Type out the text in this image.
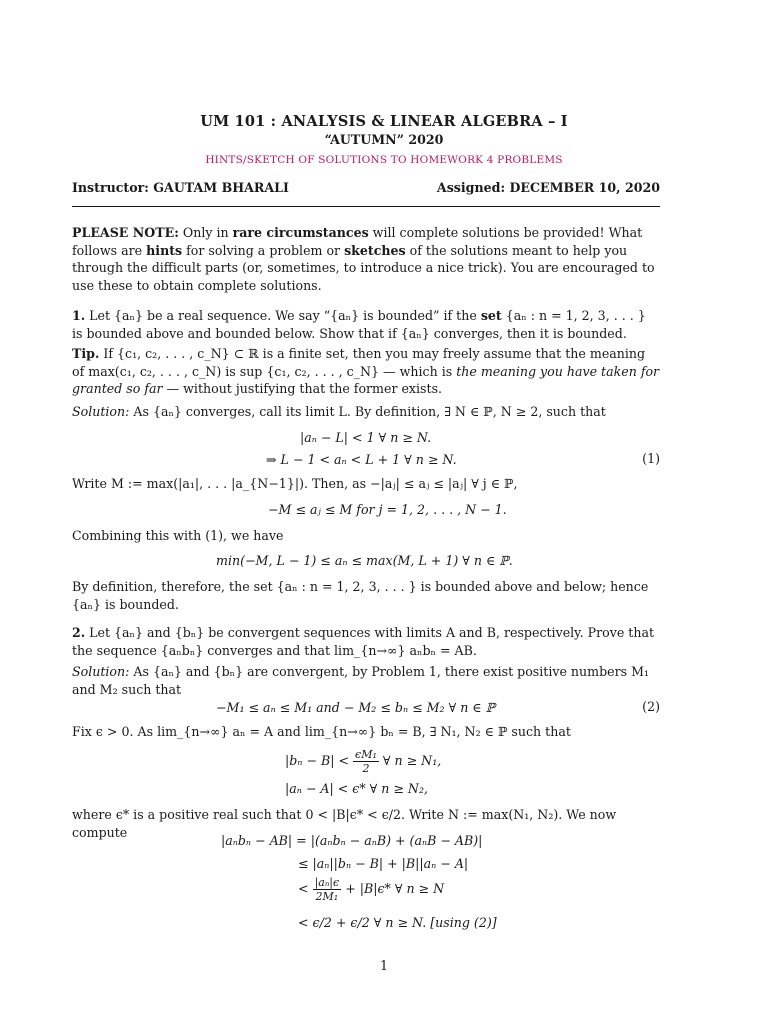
UM 101 : ANALYSIS & LINEAR ALGEBRA – I
“AUTUMN” 2020
HINTS/SKETCH OF SOLUTIONS TO HOMEWORK 4 PROBLEMS
Instructor: GAUTAM BHARALI	Assigned: DECEMBER 10, 2020
PLEASE NOTE: Only in rare circumstances will complete solutions be provided! What follows are hints for solving a problem or sketches of the solutions meant to help you through the difficult parts (or, sometimes, to introduce a nice trick). You are encouraged to use these to obtain complete solutions.
1. Let {aₙ} be a real sequence. We say “{aₙ} is bounded” if the set {aₙ : n = 1, 2, 3, . . . } is bounded above and bounded below. Show that if {aₙ} converges, then it is bounded.
Tip. If {c₁, c₂, . . . , c_N} ⊂ ℝ is a finite set, then you may freely assume that the meaning of max(c₁, c₂, . . . , c_N) is sup {c₁, c₂, . . . , c_N} — which is the meaning you have taken for granted so far — without justifying that the former exists.
Solution: As {aₙ} converges, call its limit L. By definition, ∃ N ∈ ℙ, N ≥ 2, such that
|aₙ − L| < 1 ∀ n ≥ N.
⇒ L − 1 < aₙ < L + 1 ∀ n ≥ N.	(1)
Write M := max(|a₁|, . . . |a_{N−1}|). Then, as −|aⱼ| ≤ aⱼ ≤ |aⱼ| ∀ j ∈ ℙ,
−M ≤ aⱼ ≤ M for j = 1, 2, . . . , N − 1.
Combining this with (1), we have
min(−M, L − 1) ≤ aₙ ≤ max(M, L + 1) ∀ n ∈ ℙ.
By definition, therefore, the set {aₙ : n = 1, 2, 3, . . . } is bounded above and below; hence {aₙ} is bounded.
2. Let {aₙ} and {bₙ} be convergent sequences with limits A and B, respectively. Prove that the sequence {aₙbₙ} converges and that lim_{n→∞} aₙbₙ = AB.
Solution: As {aₙ} and {bₙ} are convergent, by Problem 1, there exist positive numbers M₁ and M₂ such that
−M₁ ≤ aₙ ≤ M₁ and − M₂ ≤ bₙ ≤ M₂ ∀ n ∈ ℙ	(2)
Fix ϵ > 0. As lim_{n→∞} aₙ = A and lim_{n→∞} bₙ = B, ∃ N₁, N₂ ∈ ℙ such that
$|b_n - B| < \frac{\text{ϵM₁}}{2}$ ∀ n ≥ N₁,
|aₙ − A| < ϵ* ∀ n ≥ N₂,
where ϵ* is a positive real such that 0 < |B|ϵ* < ϵ/2. Write N := max(N₁, N₂). We now compute
|aₙbₙ − AB| = |(aₙbₙ − aₙB) + (aₙB − AB)|
≤ |aₙ||bₙ − B| + |B||aₙ − A|
< $\frac{\text{|aₙ|ϵ}}{\text{2M₁}} + |B|\epsilon*$ ∀ n ≥ N
< ϵ/2 + ϵ/2 ∀ n ≥ N. [using (2)]
1
